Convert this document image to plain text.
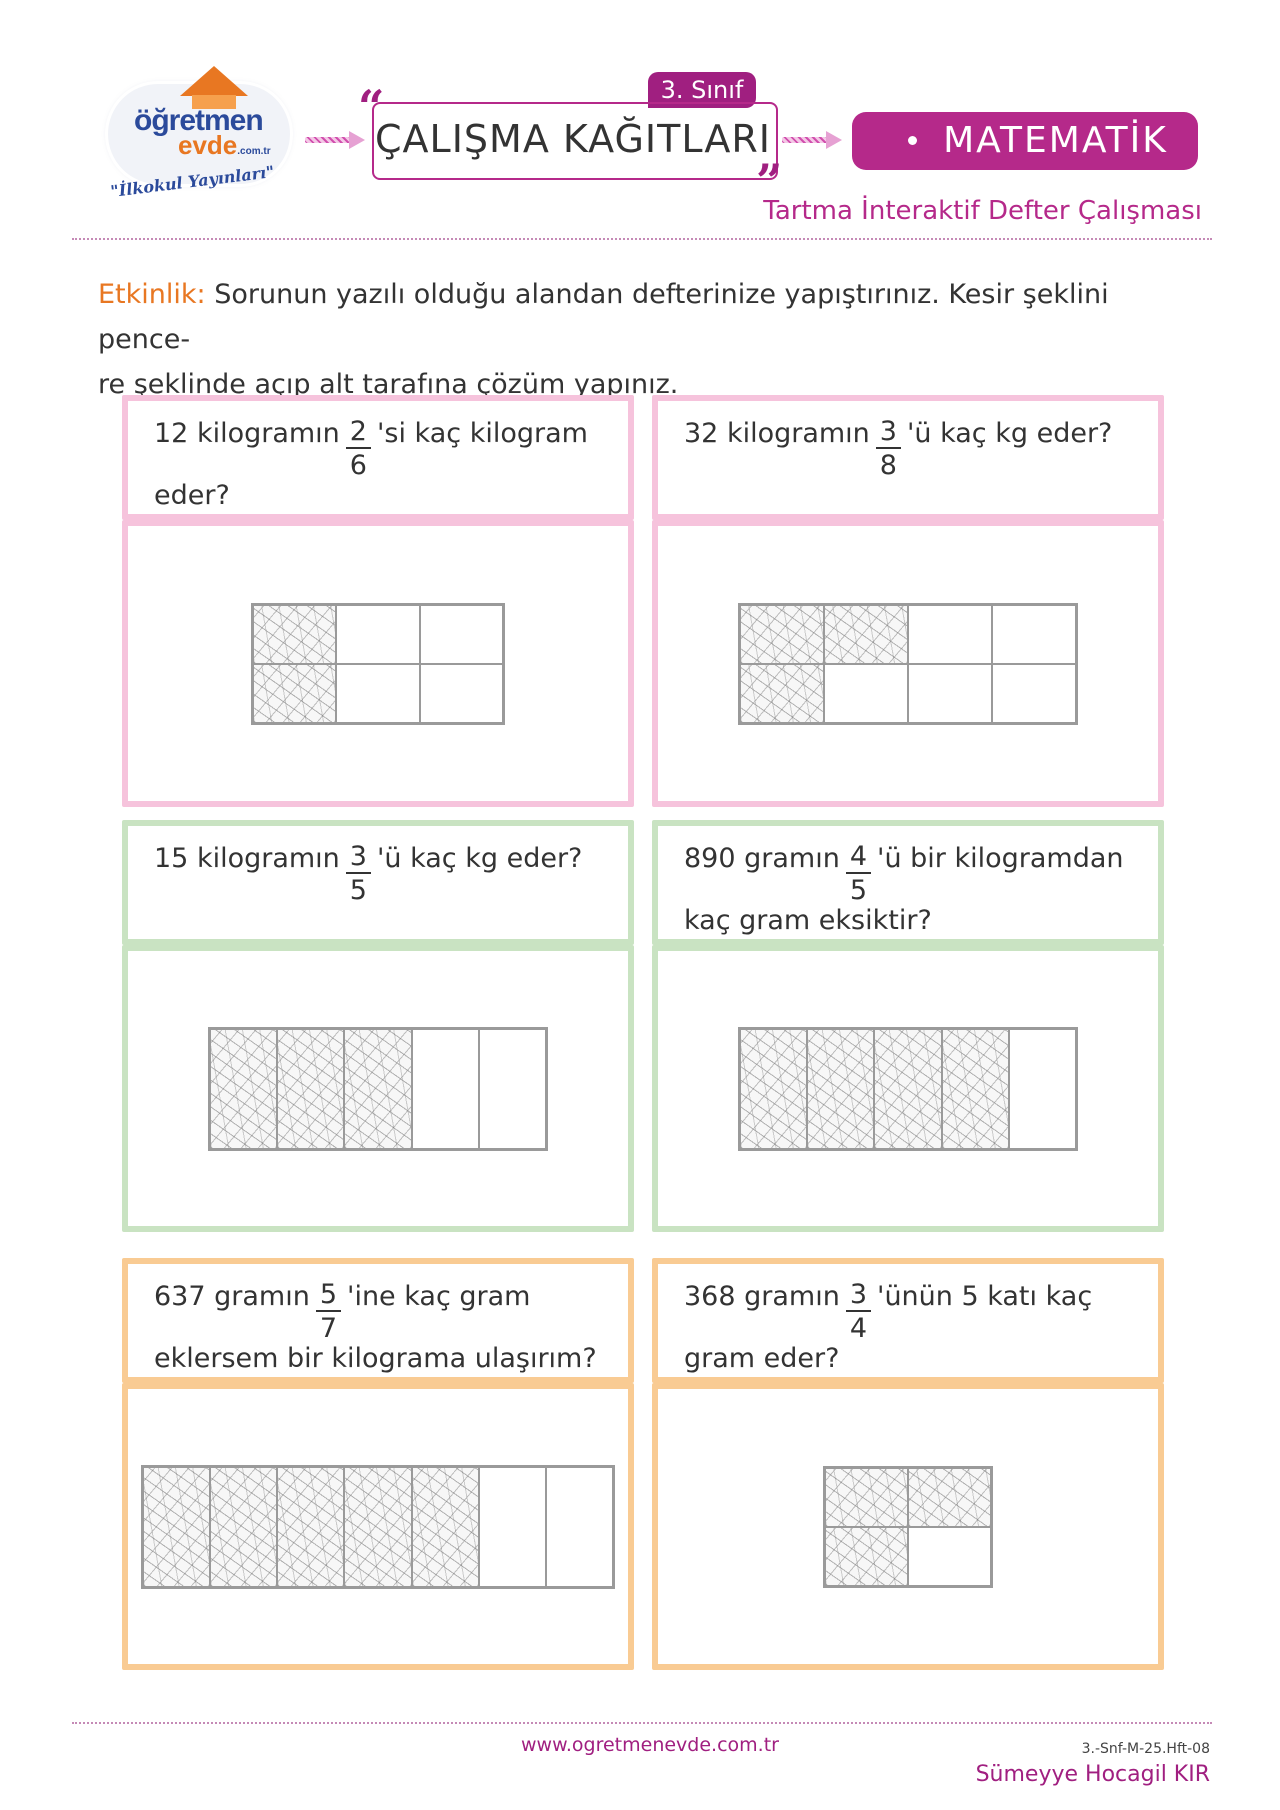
öğretmen
evde.com.tr
"İlkokul Yayınları"
“	3. Sınıf
ÇALIŞMA KAĞITLARI
”
MATEMATİK
Tartma İnteraktif Defter Çalışması
Etkinlik: Sorunun yazılı olduğu alandan defterinize yapıştırınız. Kesir şeklini pence-
re şeklinde açıp alt tarafına çözüm yapınız.
12 kilogramın $\frac{2}{6}$ 'si kaç kilogram
eder?
32 kilogramın $\frac{3}{8}$ 'ü kaç kg eder?
15 kilogramın $\frac{3}{5}$ 'ü kaç kg eder?	890 gramın $\frac{4}{5}$ 'ü bir kilogramdan
kaç gram eksiktir?
637 gramın $\frac{5}{7}$ 'ine kaç gram
eklersem bir kilograma ulaşırım?
368 gramın $\frac{3}{4}$ 'ünün 5 katı kaç
gram eder?
www.ogretmenevde.com.tr	3.-Snf-M-25.Hft-08
Sümeyye Hocagil KIR
